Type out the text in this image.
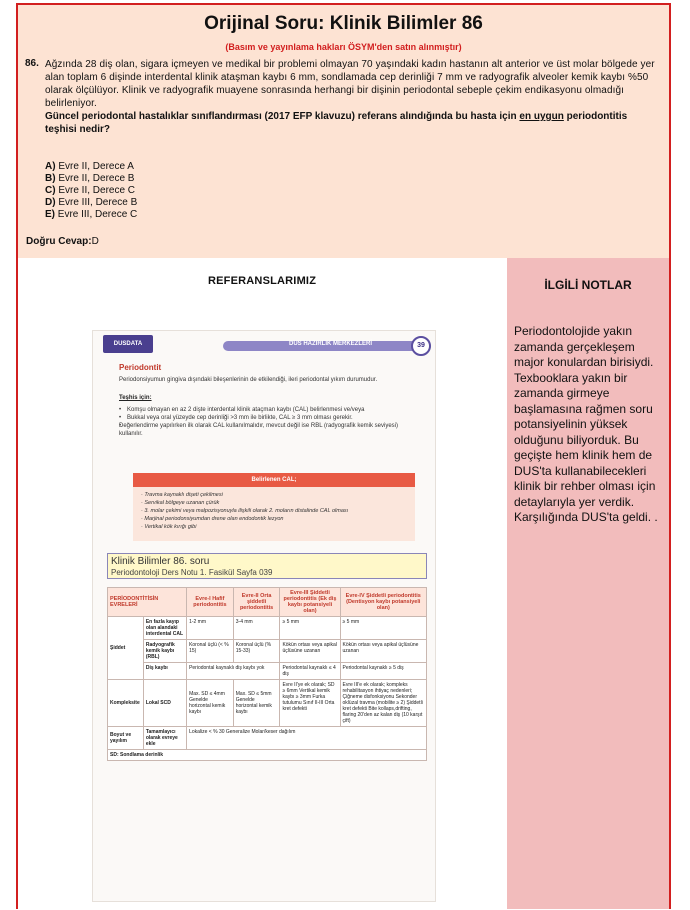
Orijinal Soru: Klinik Bilimler 86
(Basım ve yayınlama hakları ÖSYM'den satın alınmıştır)
86. Ağzında 28 diş olan, sigara içmeyen ve medikal bir problemi olmayan 70 yaşındaki kadın hastanın alt anterior ve üst molar bölgede yer alan toplam 6 dişinde interdental klinik ataşman kaybı 6 mm, sondlamada cep derinliği 7 mm ve radyografik alveoler kemik kaybı %50 olarak ölçülüyor. Klinik ve radyografik muayene sonrasında herhangi bir dişinin periodontal sebeple çekim endikasyonu olmadığı belirleniyor.
Güncel periodontal hastalıklar sınıflandırması (2017 EFP klavuzu) referans alındığında bu hasta için en uygun periodontitis teşhisi nedir?
A) Evre II, Derece A
B) Evre II, Derece B
C) Evre II, Derece C
D) Evre III, Derece B
E) Evre III, Derece C
Doğru Cevap:D
REFERANSLARIMIZ	İLGİLİ NOTLAR
Periodontolojide yakın zamanda gerçekleşem major konulardan birisiydi. Texbooklara yakın bir zamanda girmeye başlamasına rağmen soru potansiyelinin yüksek olduğunu biliyorduk. Bu geçişte hem klinik hem de DUS'ta kullanabilecekleri klinik bir rehber olması için detaylarıyla yer verdik. Karşılığında DUS'ta geldi. .
DUSDATA	DUS HAZIRLIK MERKEZLERİ	39
Periodontit
Periodonsiyumun gingiva dışındaki bileşenlerinin de etkilendiği, ileri periodontal yıkım durumudur.
Teşhis için:
• Komşu olmayan en az 2 dişte interdental klinik ataçman kaybı (CAL) belirlenmesi ve/veya
• Bukkal veya oral yüzeyde cep derinliği >3 mm ile birlikte, CAL ≥ 3 mm olması gerekir.
• Değerlendirme yapılırken ilk olarak CAL kullanılmalıdır, mevcut değil ise RBL (radyografik kemik seviyesi) kullanılır.
Belirlenen CAL;
· Travma kaynaklı dişeti çekilmesi
· Servikal bölgeye uzanan çürük
· 3. molar çekimi veya malpozisyonuyla ilişkili olarak 2. moların distalinde CAL olması
· Marjinal periodonsiyumdan drene olan endodontik lezyon
· Vertikal kök kırığı gibi
Klinik Bilimler 86. soru
Periodontoloji Ders Notu 1. Fasikül Sayfa 039
PERİODONTİTİSİN EVRELERİ		Evre-I Hafif periodontitis	Evre-II Orta şiddetli periodontitis	Evre-III Şiddetli periodontitis (Ek diş kaybı potansiyeli olan)	Evre-IV Şiddetli periodontitis (Dentisyon kaybı potansiyeli olan)
Şiddet	En fazla kayıp olan alandaki interdental CAL	1-2 mm	3-4 mm	≥ 5 mm	≥ 5 mm
	Radyografik kemik kaybı (RBL)	Koronal üçlü (< % 15)	Koronal üçlü (% 15-33)	Kökün ortası veya apikal üçlüsüne uzanan	Kökün ortası veya apikal üçlüsüne uzanan
	Diş kaybı	Periodontal kaynaklı diş kaybı yok		Periodontal kaynaklı ≤ 4 diş	Periodontal kaynaklı ≥ 5 diş
Kompleksite	Lokal SCD	Max. SD ≤ 4mm Genelde horizontal kemik kaybı	Max. SD ≤ 5mm Genelde horizontal kemik kaybı	Evre II'ye ek olarak; SD ≥ 6mm Vertikal kemik kaybı ≥ 3mm Furka tutulumu Sınıf II-III Orta kret defekti	Evre III'e ek olarak; kompleks rehabilitasyon ihtiyaç nedenleri; Çiğneme disfonksiyonu Sekonder oklüzal travma (mobilite ≥ 2) Şiddetli kret defekti Bite kollaps,drifting, flaring 20'den az kalan diş (10 karşıt çift)
Boyut ve yayılım	Tamamlayıcı olarak evreye ekle	Lokalize < % 30 Generalize Molar/keser dağılım			
SD: Sondlama derinlik					
